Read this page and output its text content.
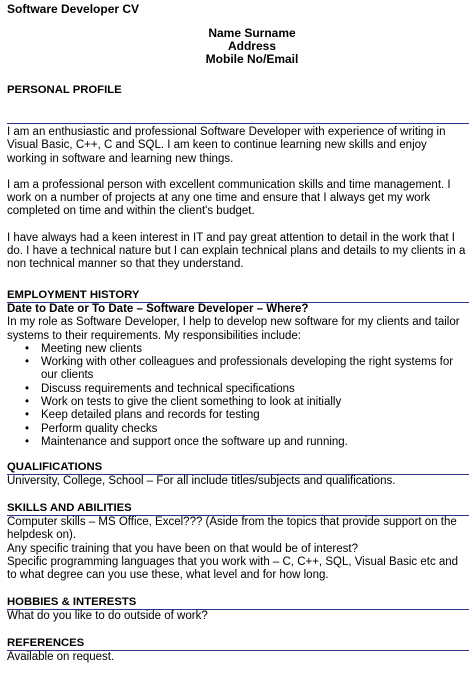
Software Developer CV
Name Surname
Address
Mobile No/Email
PERSONAL PROFILE

I am an enthusiastic and professional Software Developer with experience of writing in Visual Basic, C++, C and SQL. I am keen to continue learning new skills and enjoy working in software and learning new things.

I am a professional person with excellent communication skills and time management. I work on a number of projects at any one time and ensure that I always get my work completed on time and within the client's budget.

I have always had a keen interest in IT and pay great attention to detail in the work that I do. I have a technical nature but I can explain technical plans and details to my clients in a non technical manner so that they understand.

EMPLOYMENT HISTORY
Date to Date or To Date – Software Developer – Where?
In my role as Software Developer, I help to develop new software for my clients and tailor systems to their requirements. My responsibilities include:
• Meeting new clients
• Working with other colleagues and professionals developing the right systems for our clients
• Discuss requirements and technical specifications
• Work on tests to give the client something to look at initially
• Keep detailed plans and records for testing
• Perform quality checks
• Maintenance and support once the software up and running.
QUALIFICATIONS
University, College, School – For all include titles/subjects and qualifications.
SKILLS AND ABILITIES
Computer skills – MS Office, Excel??? (Aside from the topics that provide support on the helpdesk on).
Any specific training that you have been on that would be of interest?
Specific programming languages that you work with – C, C++, SQL, Visual Basic etc and to what degree can you use these, what level and for how long.
HOBBIES & INTERESTS
What do you like to do outside of work?
REFERENCES
Available on request.
